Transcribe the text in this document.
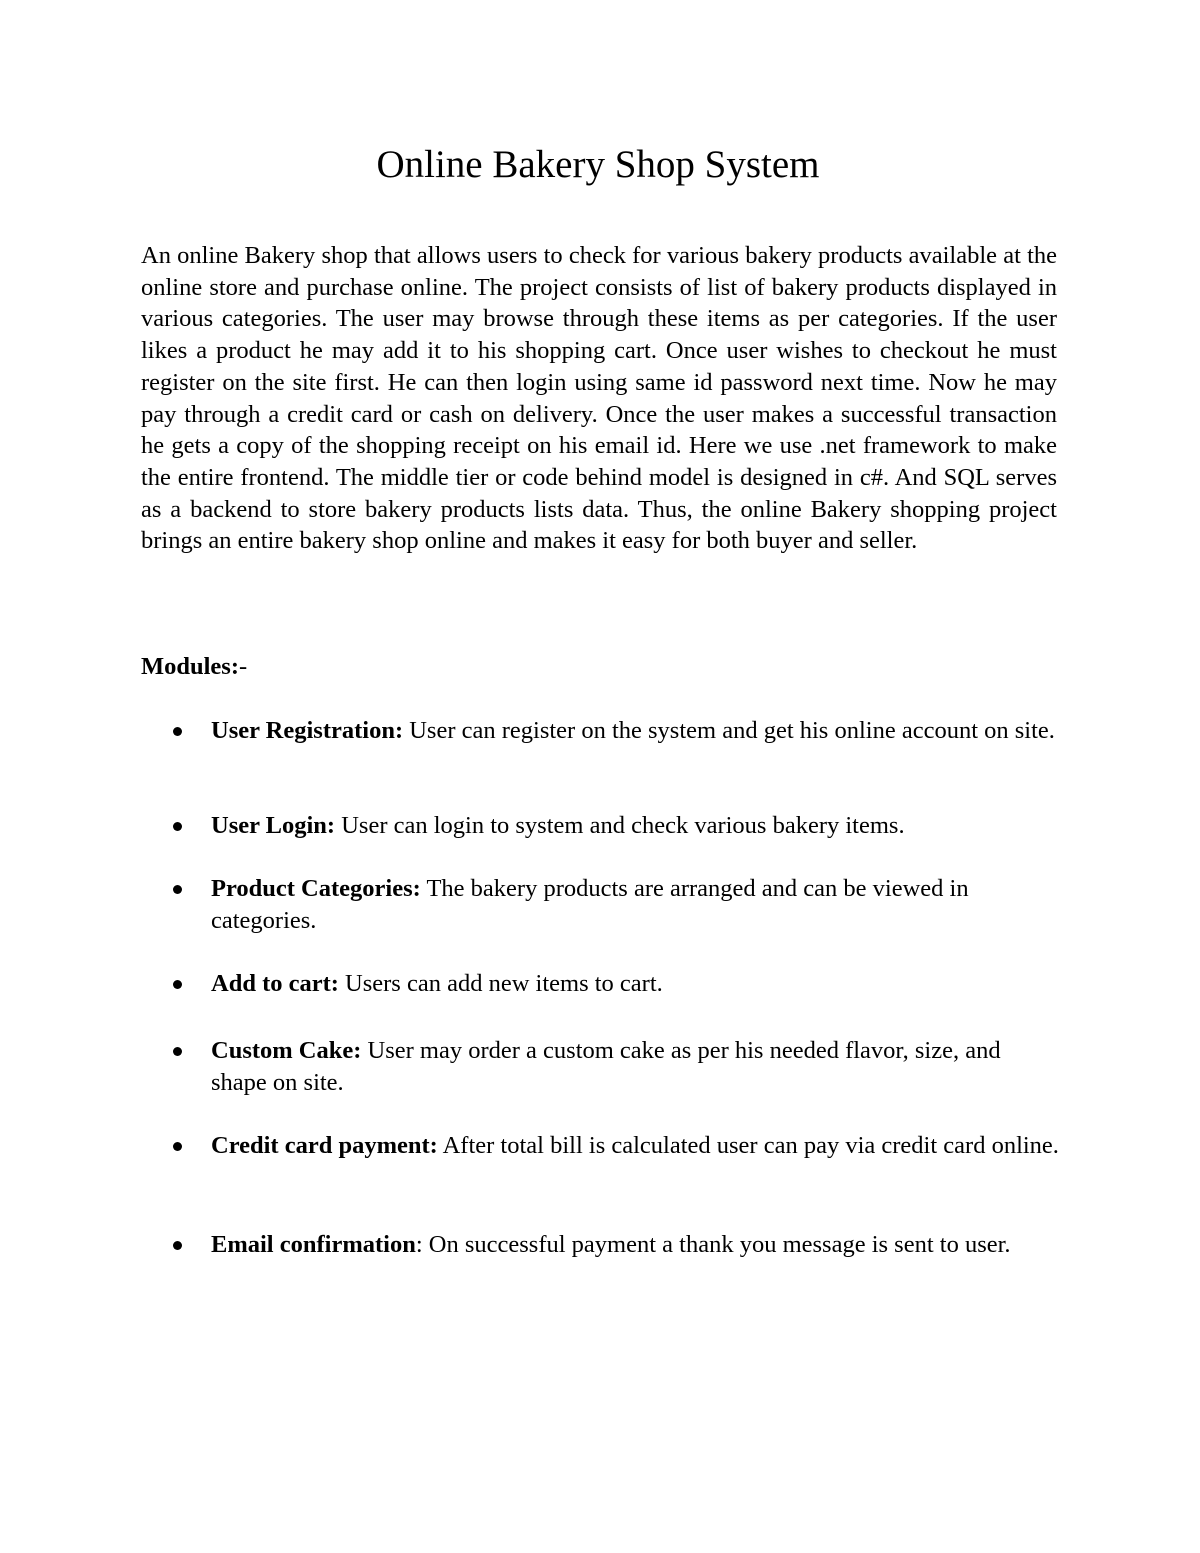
Online Bakery Shop System

An online Bakery shop that allows users to check for various bakery products available at the online store and purchase online. The project consists of list of bakery products displayed in various categories. The user may browse through these items as per categories. If the user likes a product he may add it to his shopping cart. Once user wishes to checkout he must register on the site first. He can then login using same id password next time. Now he may pay through a credit card or cash on delivery. Once the user makes a successful transaction he gets a copy of the shopping receipt on his email id. Here we use .net framework to make the entire frontend. The middle tier or code behind model is designed in c#. And SQL serves as a backend to store bakery products lists data. Thus, the online Bakery shopping project brings an entire bakery shop online and makes it easy for both buyer and seller.

Modules:-

User Registration: User can register on the system and get his online account on site.
User Login: User can login to system and check various bakery items.
Product Categories: The bakery products are arranged and can be viewed in categories.
Add to cart: Users can add new items to cart.
Custom Cake: User may order a custom cake as per his needed flavor, size, and shape on site.
Credit card payment: After total bill is calculated user can pay via credit card online.
Email confirmation: On successful payment a thank you message is sent to user.
